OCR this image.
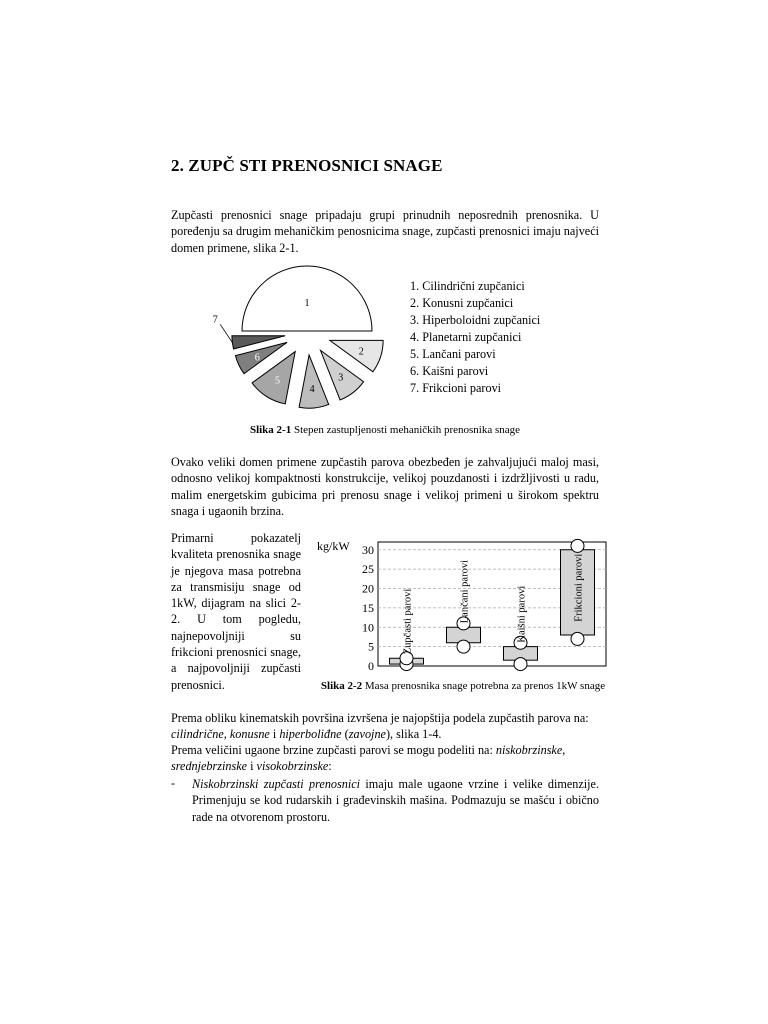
2. ZUPČ STI PRENOSNICI SNAGE

Zupčasti prenosnici snage pripadaju grupi prinudnih neposrednih prenosnika. U poređenju sa drugim mehaničkim penosnicima snage, zupčasti prenosnici imaju najveći domen primene, slika 2-1.

1
2
3
4
5
6
7
1. Cilindrični zupčanici
2. Konusni zupčanici
3. Hiperboloidni zupčanici
4. Planetarni zupčanici
5. Lančani parovi
6. Kaišni parovi
7. Frikcioni parovi
Slika 2-1 Stepen zastupljenosti mehaničkih prenosnika snage

Ovako veliki domen primene zupčastih parova obezbeđen je zahvaljujući maloj masi, odnosno velikoj kompaktnosti konstrukcije, velikoj pouzdanosti i izdržljivosti u radu, malim energetskim gubicima pri prenosu snage i velikoj primeni u širokom spektru snaga i ugaonih brzina.

Primarni pokazatelj kvaliteta prenosnika snage je njegova masa potrebna za transmisiju snage od 1kW, dijagram na slici 2-2. U tom pogledu, najnepovoljniji su frikcioni prenosnici snage, a najpovoljniji zupčasti prenosnici.

kg/kW
0
5
10
15
20
25
30
Zupčasti parovi	Lančani parovi	Kaišni parovi	Frikcioni parovi
Slika 2-2 Masa prenosnika snage potrebna za prenos 1kW snage

Prema obliku kinematskih površina izvršena je najopštija podela zupčastih parova na: cilindrične, konusne i hiperboliđne (zavojne), slika 1-4.

Prema veličini ugaone brzine zupčasti parovi se mogu podeliti na: niskobrzinske, srednjebrzinske i visokobrzinske:

- Niskobrzinski zupčasti prenosnici imaju male ugaone vrzine i velike dimenzije. Primenjuju se kod rudarskih i građevinskih mašina. Podmazuju se mašću i obično rade na otvorenom prostoru.
